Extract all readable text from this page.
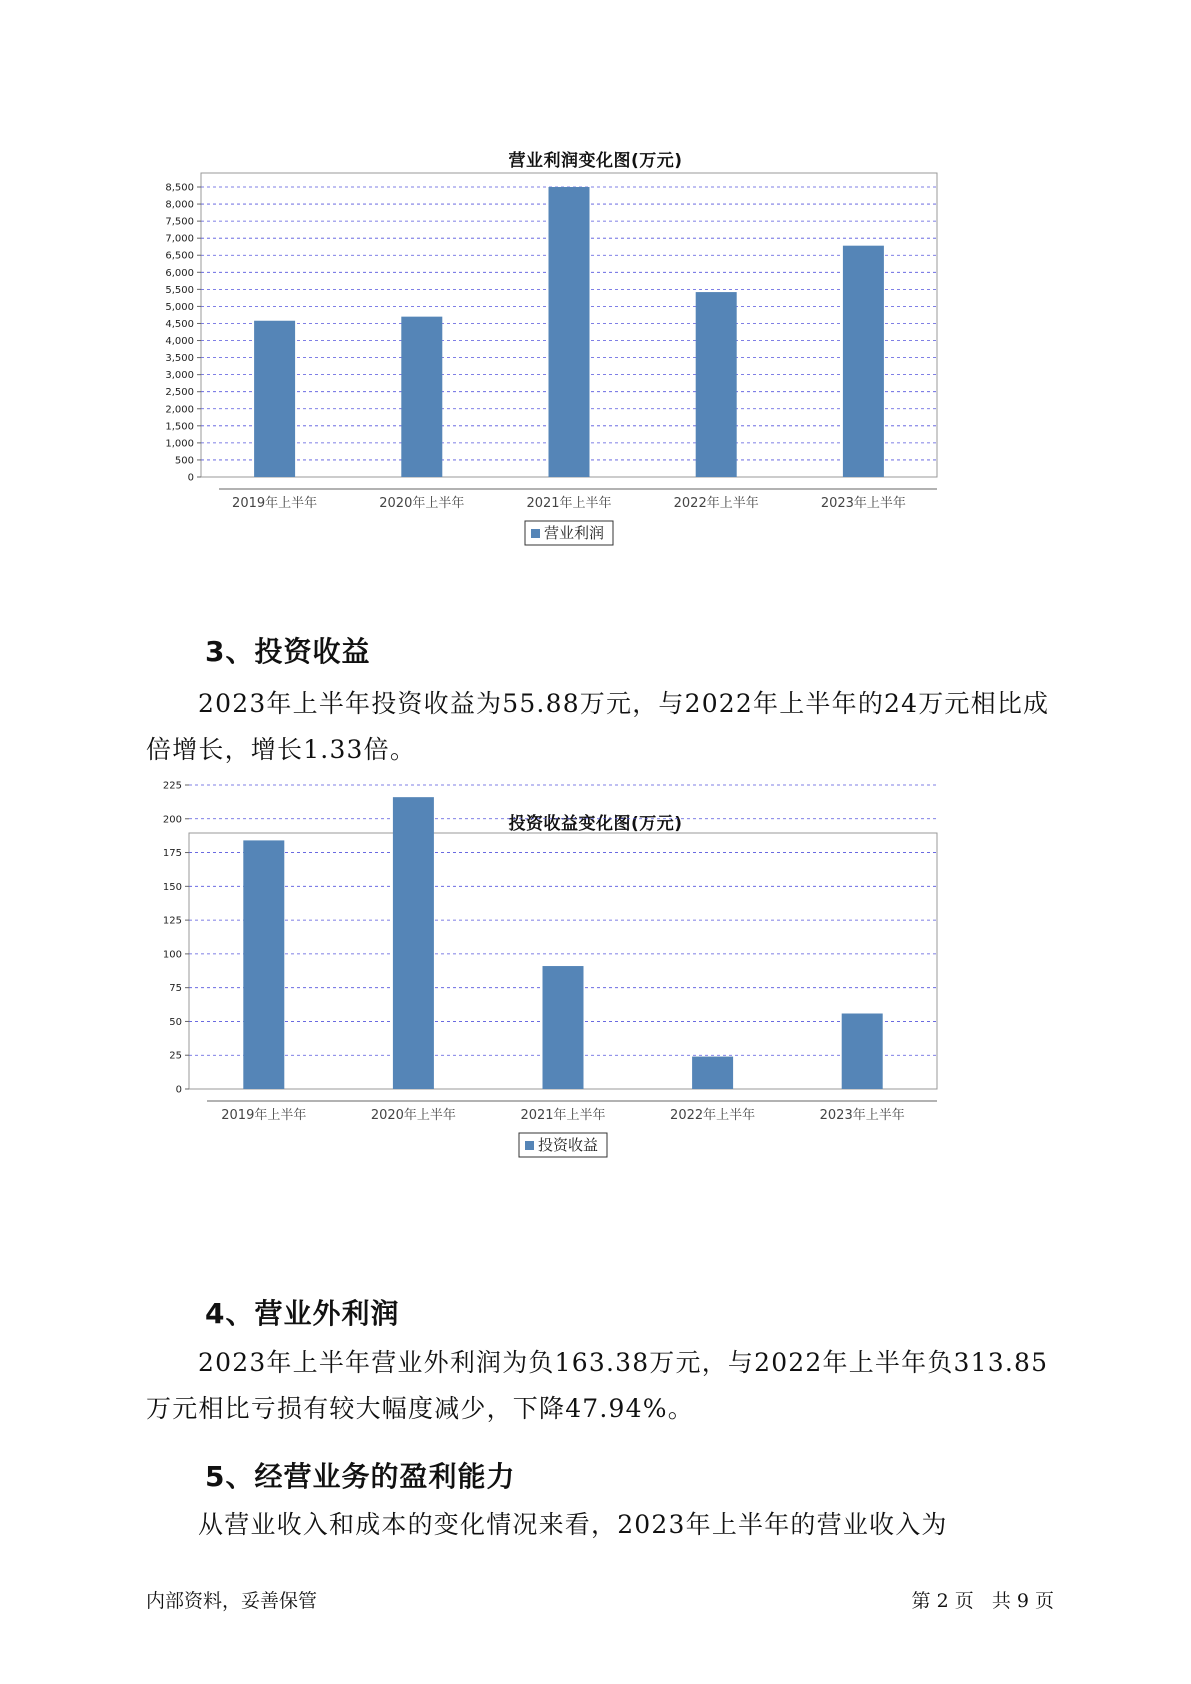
营业利润变化图(万元)
0
500
1,000
1,500
2,000
2,500
3,000
3,500
4,000
4,500
5,000
5,500
6,000
6,500
7,000
7,500
8,000
8,500
2019年上半年	2020年上半年	2021年上半年	2022年上半年	2023年上半年
营业利润
3、投资收益

2023年上半年投资收益为55.88万元，与2022年上半年的24万元相比成倍增长，增长1.33倍。

投资收益变化图(万元)
0
25
50
75
100
125
150
175
200
225
2019年上半年	2020年上半年	2021年上半年	2022年上半年	2023年上半年
投资收益
4、营业外利润

2023年上半年营业外利润为负163.38万元，与2022年上半年负313.85万元相比亏损有较大幅度减少，下降47.94%。

5、经营业务的盈利能力

从营业收入和成本的变化情况来看，2023年上半年的营业收入为

内部资料，妥善保管	第 2 页   共 9 页
